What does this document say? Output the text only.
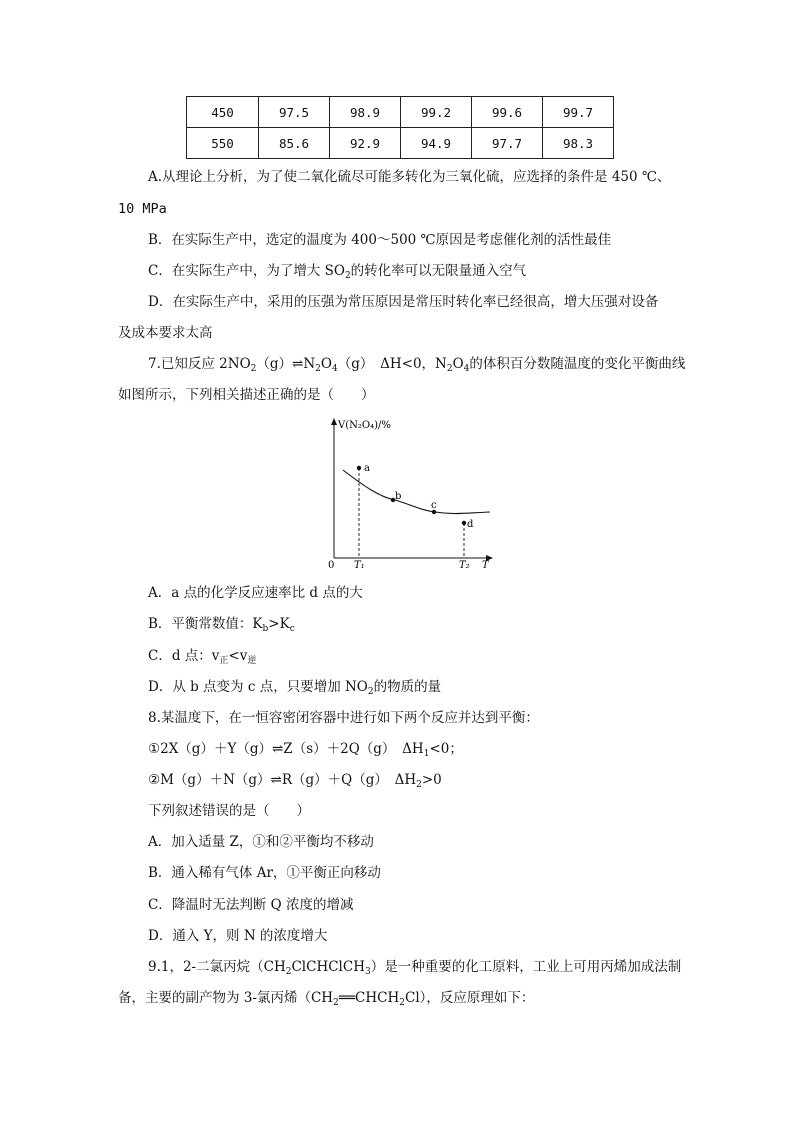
450	97.5	98.9	99.2	99.6	99.7
550	85.6	92.9	94.9	97.7	98.3
A.从理论上分析，为了使二氧化硫尽可能多转化为三氧化硫，应选择的条件是 450 ℃、
10 MPa
B．在实际生产中，选定的温度为 400～500 ℃原因是考虑催化剂的活性最佳
C．在实际生产中，为了增大 $SO_2$的转化率可以无限量通入空气
D．在实际生产中，采用的压强为常压原因是常压时转化率已经很高，增大压强对设备
及成本要求太高
7.已知反应 $2NO_2(g)\rightleftharpoons N_2O_4(g)$　ΔH<0，$N_2O_4$的体积百分数随温度的变化平衡曲线
如图所示，下列相关描述正确的是（　　）
V(N₂O₄)/%
a
b
c
d
0 T₁	T₂ T
A．a 点的化学反应速率比 d 点的大
B．平衡常数值：$K_b>K_c$
C．d 点：$v_正<v_逆$
D．从 b 点变为 c 点，只要增加 $NO_2$的物质的量
8.某温度下，在一恒容密闭容器中进行如下两个反应并达到平衡：
①2X（g）＋Y（g）⇌Z（s）＋2Q（g）　$\Delta H_1<0$；
②M（g）＋N（g）⇌R（g）＋Q（g）　$\Delta H_2>0$
下列叙述错误的是（　　）
A．加入适量 Z，①和②平衡均不移动
B．通入稀有气体 Ar，①平衡正向移动
C．降温时无法判断 Q 浓度的增减
D．通入 Y，则 N 的浓度增大
9.1，2-二氯丙烷$(CH_2ClCHClCH_3)$是一种重要的化工原料，工业上可用丙烯加成法制
备，主要的副产物为 3-氯丙烯$(CH_2══CHCH_2Cl)$，反应原理如下：
